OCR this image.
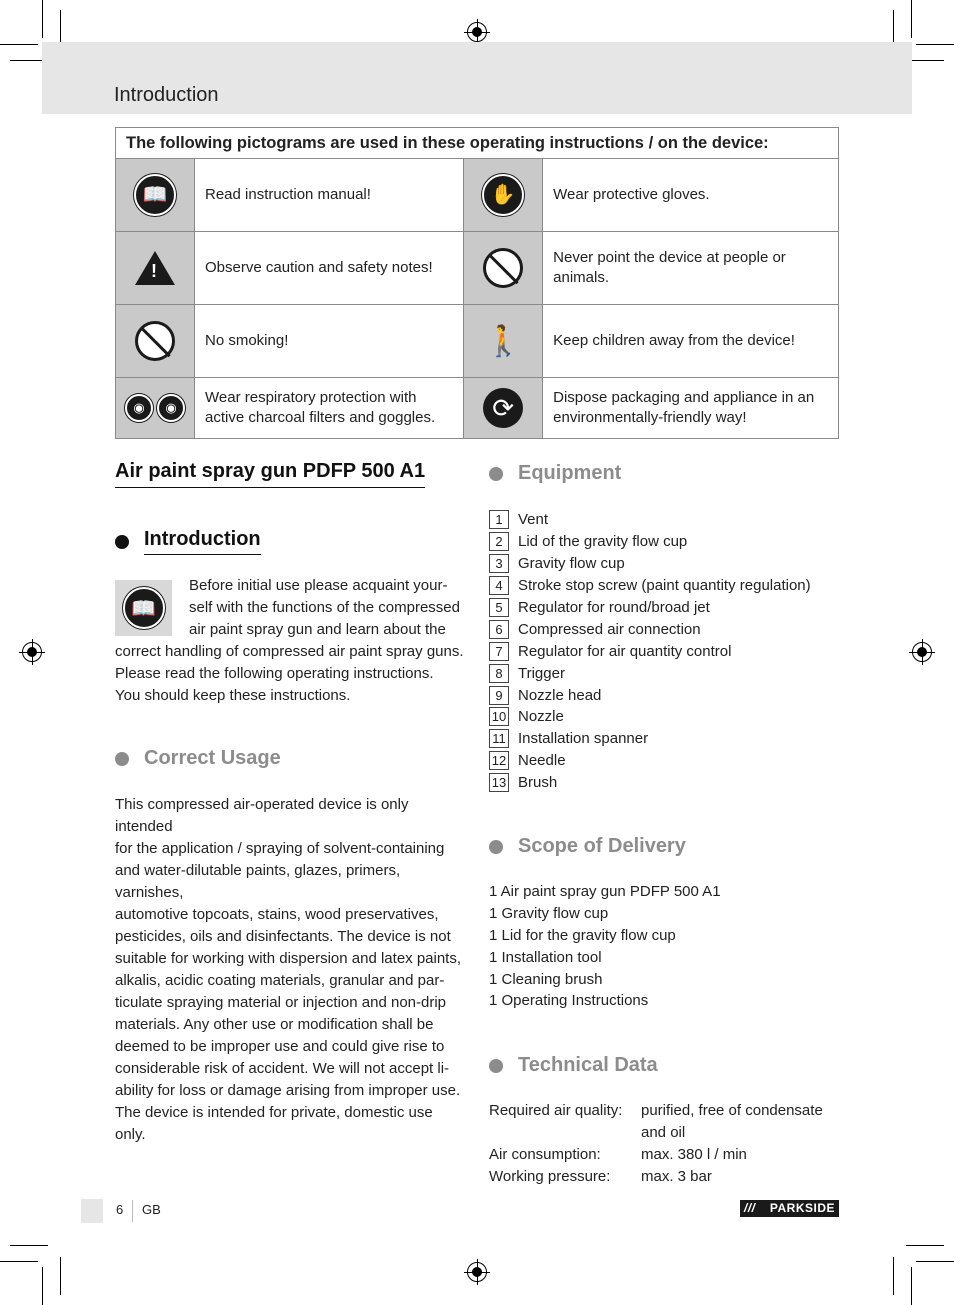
Introduction
The following pictograms are used in these operating instructions / on the device:			
📖	Read instruction manual!	✋	Wear protective gloves.

!	Observe caution and safety notes!		Never point the device at people or animals.
	No smoking!	🚶	Keep children away from the device!
◉ ◉	Wear respiratory protection with active charcoal filters and goggles.	⟳	Dispose packaging and appliance in an environmentally-friendly way!
Air paint spray gun PDFP 500 A1
Introduction
📖
Before initial use please acquaint your-
self with the functions of the compressed
air paint spray gun and learn about the
correct handling of compressed air paint spray guns.
Please read the following operating instructions.
You should keep these instructions.
Correct Usage
This compressed air-operated device is only intended
for the application / spraying of solvent-containing
and water-dilutable paints, glazes, primers, varnishes,
automotive topcoats, stains, wood preservatives,
pesticides, oils and disinfectants. The device is not
suitable for working with dispersion and latex paints,
alkalis, acidic coating materials, granular and par-
ticulate spraying material or injection and non-drip
materials. Any other use or modification shall be
deemed to be improper use and could give rise to
considerable risk of accident. We will not accept li-
ability for loss or damage arising from improper use.
The device is intended for private, domestic use only.
Equipment
1	Vent
2	Lid of the gravity flow cup
3	Gravity flow cup
4	Stroke stop screw (paint quantity regulation)
5	Regulator for round/broad jet
6	Compressed air connection
7	Regulator for air quantity control
8	Trigger
9	Nozzle head
10 Nozzle
11 Installation spanner
12 Needle
13 Brush
Scope of Delivery
1 Air paint spray gun PDFP 500 A1
1 Gravity flow cup
1 Lid for the gravity flow cup
1 Installation tool
1 Cleaning brush
1 Operating Instructions
Technical Data
Required air quality:	purified, free of condensate and oil
Air consumption:	max. 380 l / min
Working pressure:	max. 3 bar
6 GB	/// PARKSIDE
